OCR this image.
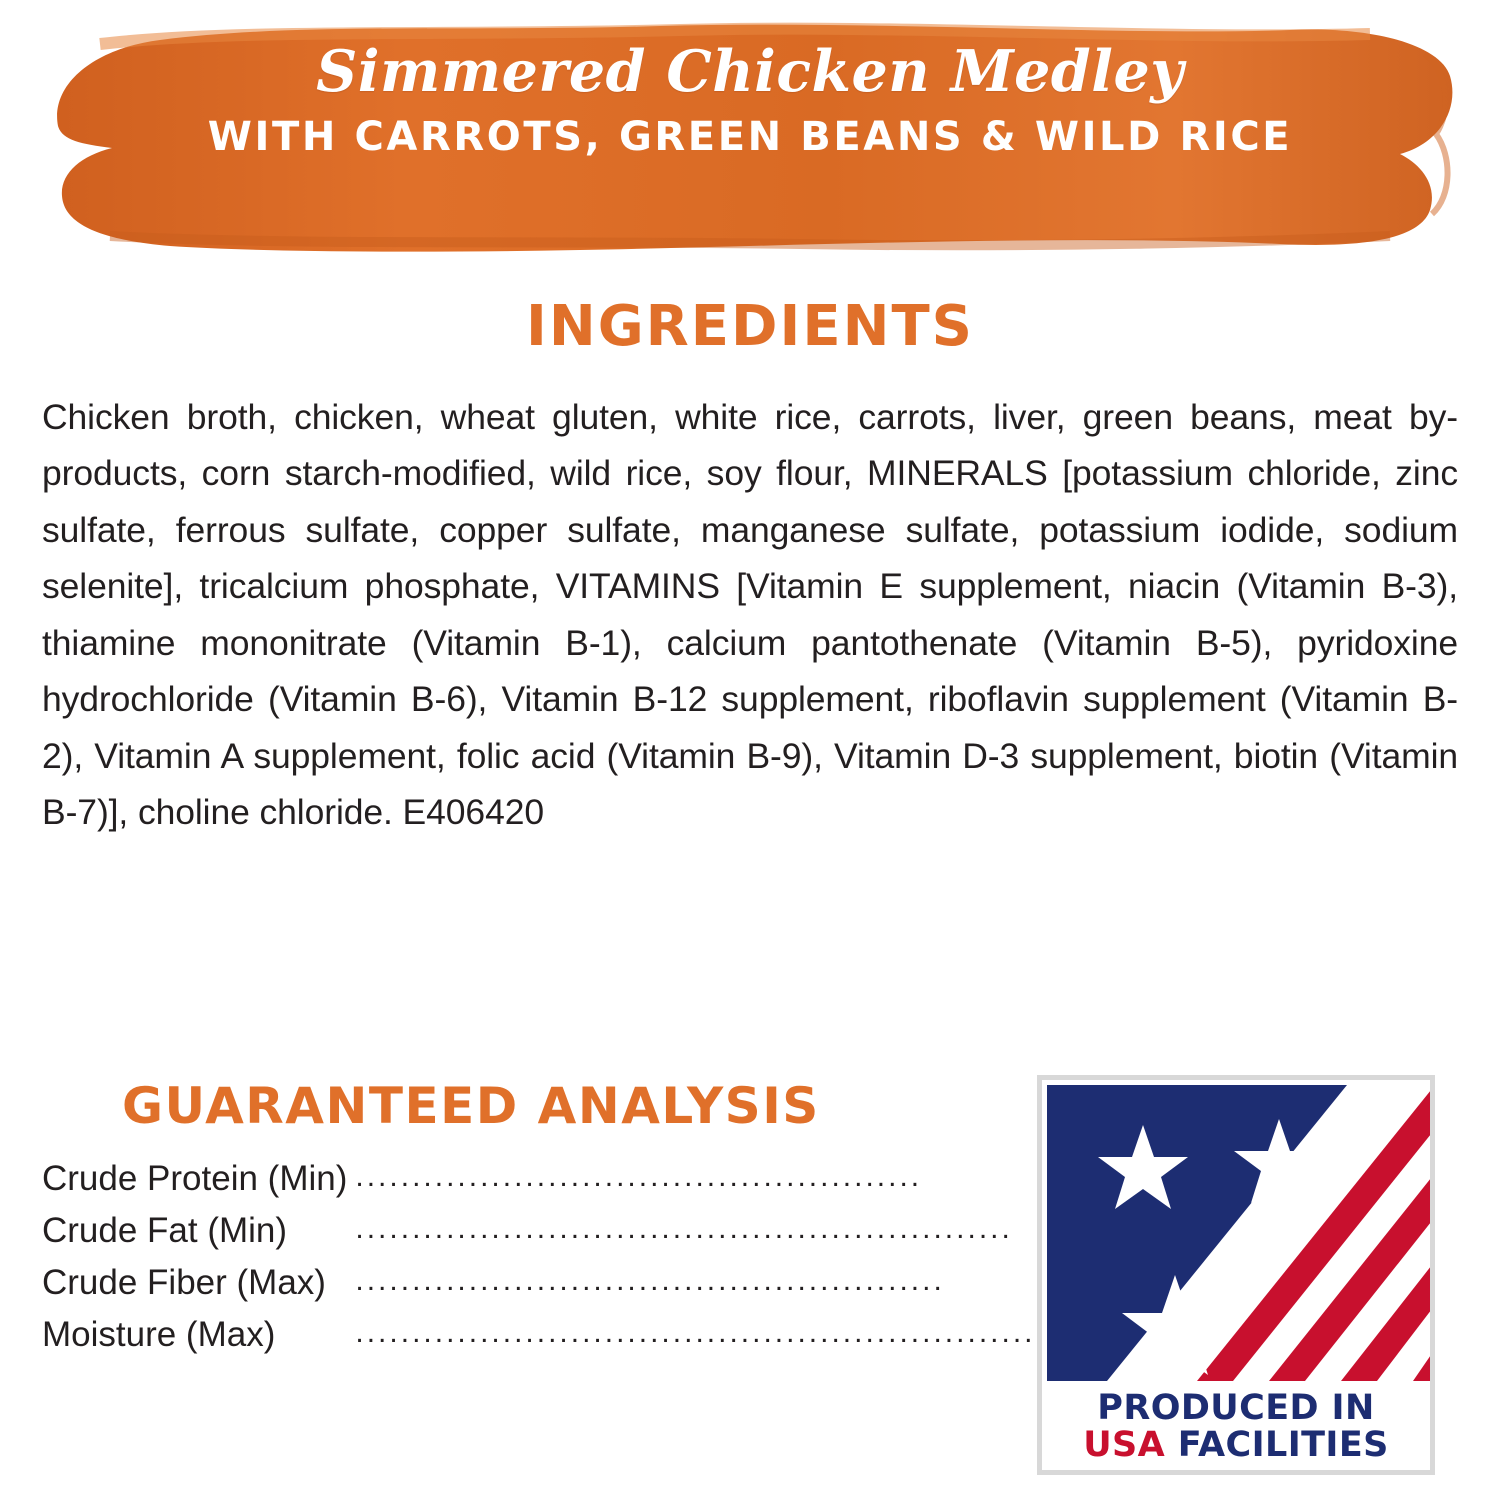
Simmered Chicken Medley
WITH CARROTS, GREEN BEANS & WILD RICE
INGREDIENTS
Chicken broth, chicken, wheat gluten, white rice, carrots, liver, green beans, meat by-products, corn starch-modified, wild rice, soy flour, MINERALS [potassium chloride, zinc sulfate, ferrous sulfate, copper sulfate, manganese sulfate, potassium iodide, sodium selenite], tricalcium phosphate, VITAMINS [Vitamin E supplement, niacin (Vitamin B-3), thiamine mononitrate (Vitamin B-1), calcium pantothenate (Vitamin B-5), pyridoxine hydrochloride (Vitamin B-6), Vitamin B-12 supplement, riboflavin supplement (Vitamin B-2), Vitamin A supplement, folic acid (Vitamin B-9), Vitamin D-3 supplement, biotin (Vitamin B-7)], choline chloride. E406420
GUARANTEED ANALYSIS
Crude Protein (Min)	..................................................	
Crude Fat (Min)	..........................................................	
Crude Fiber (Max)	....................................................	
Moisture (Max)	............................................................	
PRODUCED IN
USA FACILITIES
